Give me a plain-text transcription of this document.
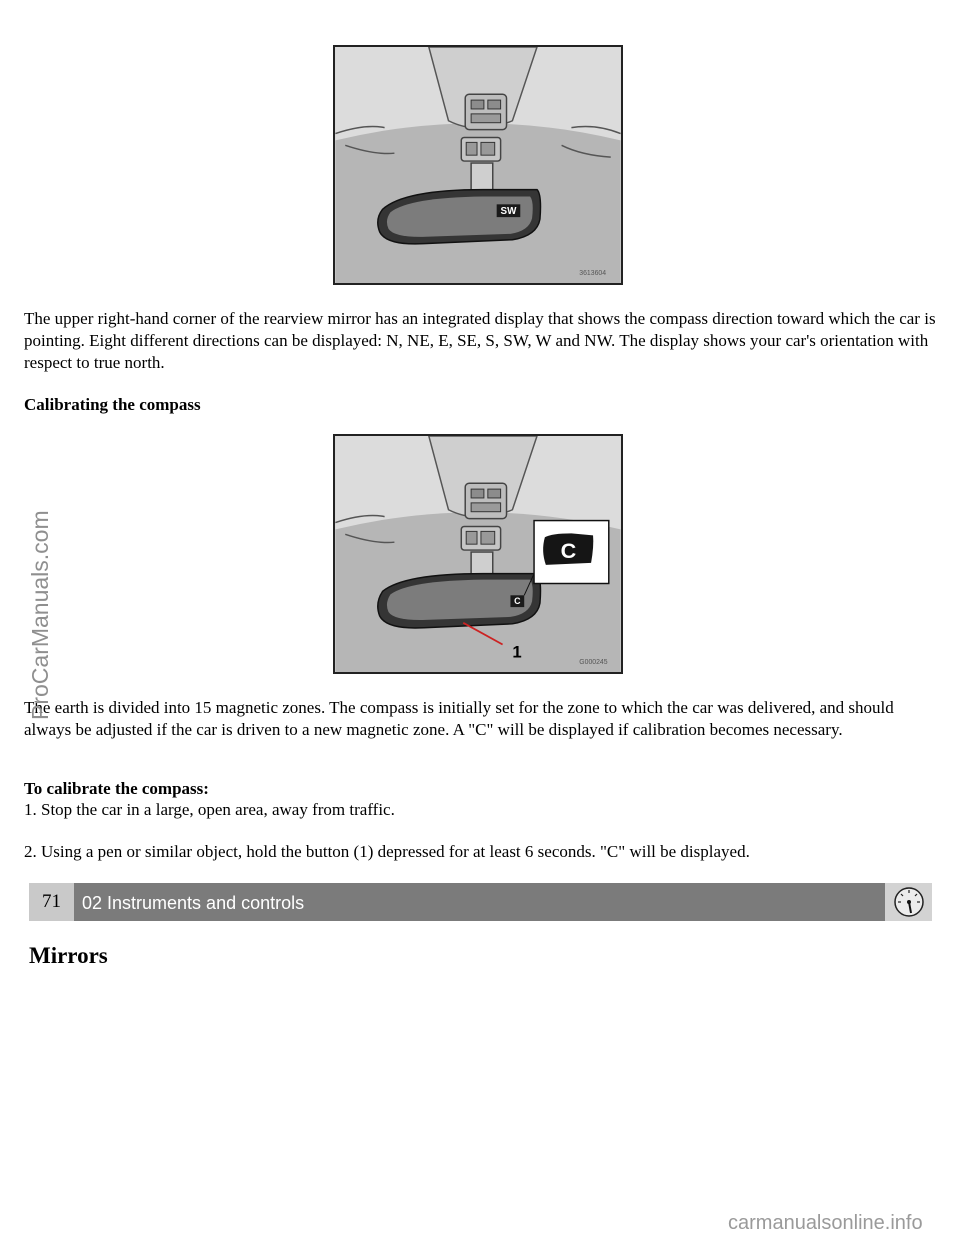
SW
3613604

The upper right-hand corner of the rearview mirror has an integrated display that shows the compass direction toward which the car is pointing. Eight different directions can be displayed: N, NE, E, SE, S, SW, W and NW. The display shows your car's orientation with respect to true north.

Calibrating the compass

C
C
1
G000245

The earth is divided into 15 magnetic zones. The compass is initially set for the zone to which the car was delivered, and should always be adjusted if the car is driven to a new magnetic zone. A "C" will be displayed if calibration becomes necessary.

To calibrate the compass:

1. Stop the car in a large, open area, away from traffic.

2. Using a pen or similar object, hold the button (1) depressed for at least 6 seconds. "C" will be displayed.

71	02 Instruments and controls
Mirrors
ProCarManuals.com
carmanualsonline.info
